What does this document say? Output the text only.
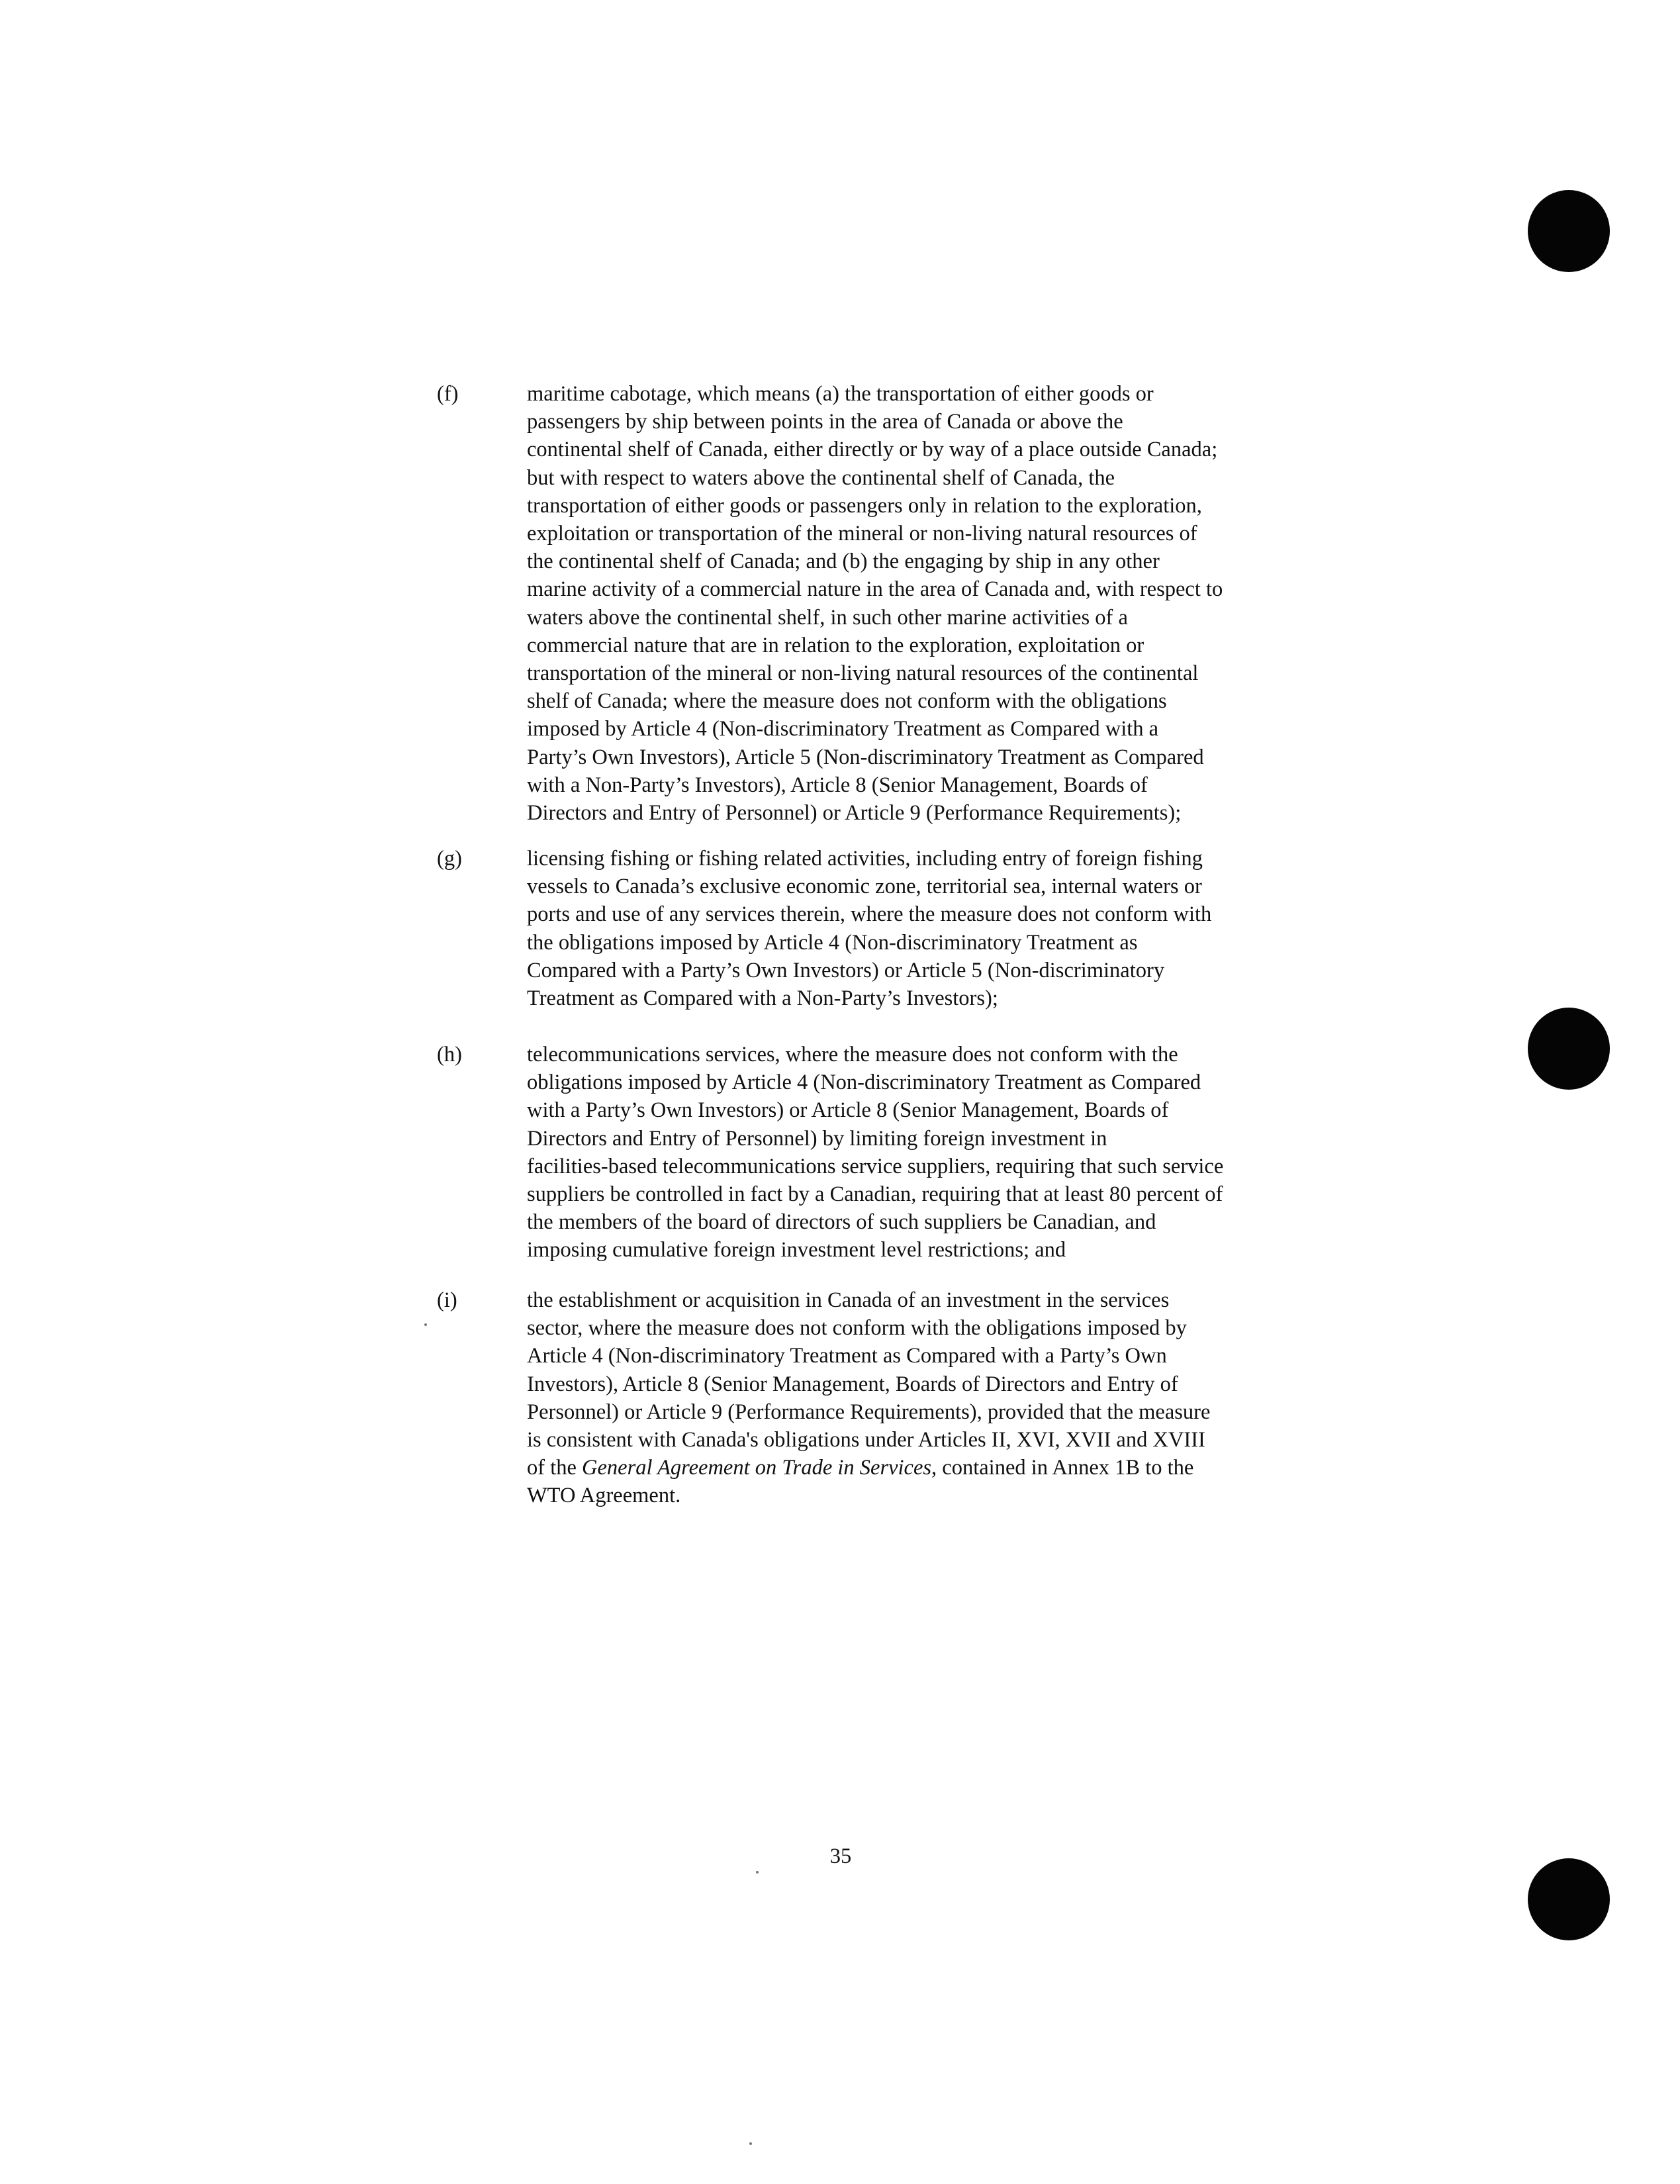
(f)	maritime cabotage, which means (a) the transportation of either goods or
passengers by ship between points in the area of Canada or above the
continental shelf of Canada, either directly or by way of a place outside Canada;
but with respect to waters above the continental shelf of Canada, the
transportation of either goods or passengers only in relation to the exploration,
exploitation or transportation of the mineral or non-living natural resources of
the continental shelf of Canada; and (b) the engaging by ship in any other
marine activity of a commercial nature in the area of Canada and, with respect to
waters above the continental shelf, in such other marine activities of a
commercial nature that are in relation to the exploration, exploitation or
transportation of the mineral or non-living natural resources of the continental
shelf of Canada; where the measure does not conform with the obligations
imposed by Article 4 (Non-discriminatory Treatment as Compared with a
Party’s Own Investors), Article 5 (Non-discriminatory Treatment as Compared
with a Non-Party’s Investors), Article 8 (Senior Management, Boards of
Directors and Entry of Personnel) or Article 9 (Performance Requirements);
(g)	licensing fishing or fishing related activities, including entry of foreign fishing
vessels to Canada’s exclusive economic zone, territorial sea, internal waters or
ports and use of any services therein, where the measure does not conform with
the obligations imposed by Article 4 (Non-discriminatory Treatment as
Compared with a Party’s Own Investors) or Article 5 (Non-discriminatory
Treatment as Compared with a Non-Party’s Investors);
(h)	telecommunications services, where the measure does not conform with the
obligations imposed by Article 4 (Non-discriminatory Treatment as Compared
with a Party’s Own Investors) or Article 8 (Senior Management, Boards of
Directors and Entry of Personnel) by limiting foreign investment in
facilities-based telecommunications service suppliers, requiring that such service
suppliers be controlled in fact by a Canadian, requiring that at least 80 percent of
the members of the board of directors of such suppliers be Canadian, and
imposing cumulative foreign investment level restrictions; and
(i)	the establishment or acquisition in Canada of an investment in the services
sector, where the measure does not conform with the obligations imposed by
Article 4 (Non-discriminatory Treatment as Compared with a Party’s Own
Investors), Article 8 (Senior Management, Boards of Directors and Entry of
Personnel) or Article 9 (Performance Requirements), provided that the measure
is consistent with Canada's obligations under Articles II, XVI, XVII and XVIII
of the General Agreement on Trade in Services, contained in Annex 1B to the
WTO Agreement.
35
